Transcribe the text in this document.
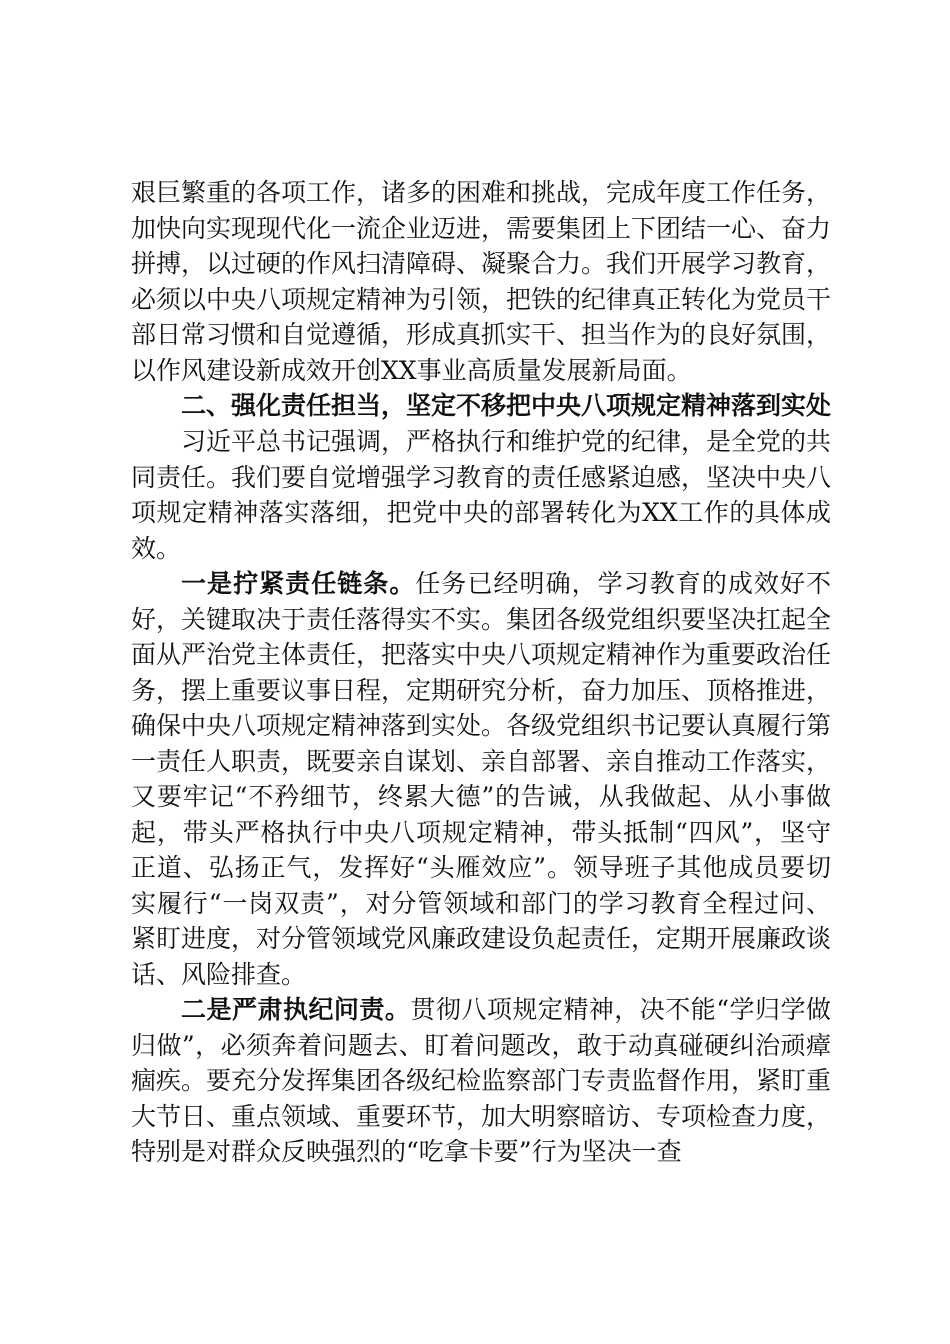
艰巨繁重的各项工作，诸多的困难和挑战，完成年度工作任务，加快向实现现代化一流企业迈进，需要集团上下团结一心、奋力拼搏，以过硬的作风扫清障碍、凝聚合力。我们开展学习教育，必须以中央八项规定精神为引领，把铁的纪律真正转化为党员干部日常习惯和自觉遵循，形成真抓实干、担当作为的良好氛围，以作风建设新成效开创XX事业高质量发展新局面。

二、强化责任担当，坚定不移把中央八项规定精神落到实处

习近平总书记强调，严格执行和维护党的纪律，是全党的共同责任。我们要自觉增强学习教育的责任感紧迫感，坚决中央八项规定精神落实落细，把党中央的部署转化为XX工作的具体成效。

一是拧紧责任链条。任务已经明确，学习教育的成效好不好，关键取决于责任落得实不实。集团各级党组织要坚决扛起全面从严治党主体责任，把落实中央八项规定精神作为重要政治任务，摆上重要议事日程，定期研究分析，奋力加压、顶格推进，确保中央八项规定精神落到实处。各级党组织书记要认真履行第一责任人职责，既要亲自谋划、亲自部署、亲自推动工作落实，又要牢记“不矜细节，终累大德”的告诫，从我做起、从小事做起，带头严格执行中央八项规定精神，带头抵制“四风”，坚守正道、弘扬正气，发挥好“头雁效应”。领导班子其他成员要切实履行“一岗双责”，对分管领域和部门的学习教育全程过问、紧盯进度，对分管领域党风廉政建设负起责任，定期开展廉政谈话、风险排查。

二是严肃执纪问责。贯彻八项规定精神，决不能“学归学做归做”，必须奔着问题去、盯着问题改，敢于动真碰硬纠治顽瘴痼疾。要充分发挥集团各级纪检监察部门专责监督作用，紧盯重大节日、重点领域、重要环节，加大明察暗访、专项检查力度，特别是对群众反映强烈的“吃拿卡要”行为坚决一查
